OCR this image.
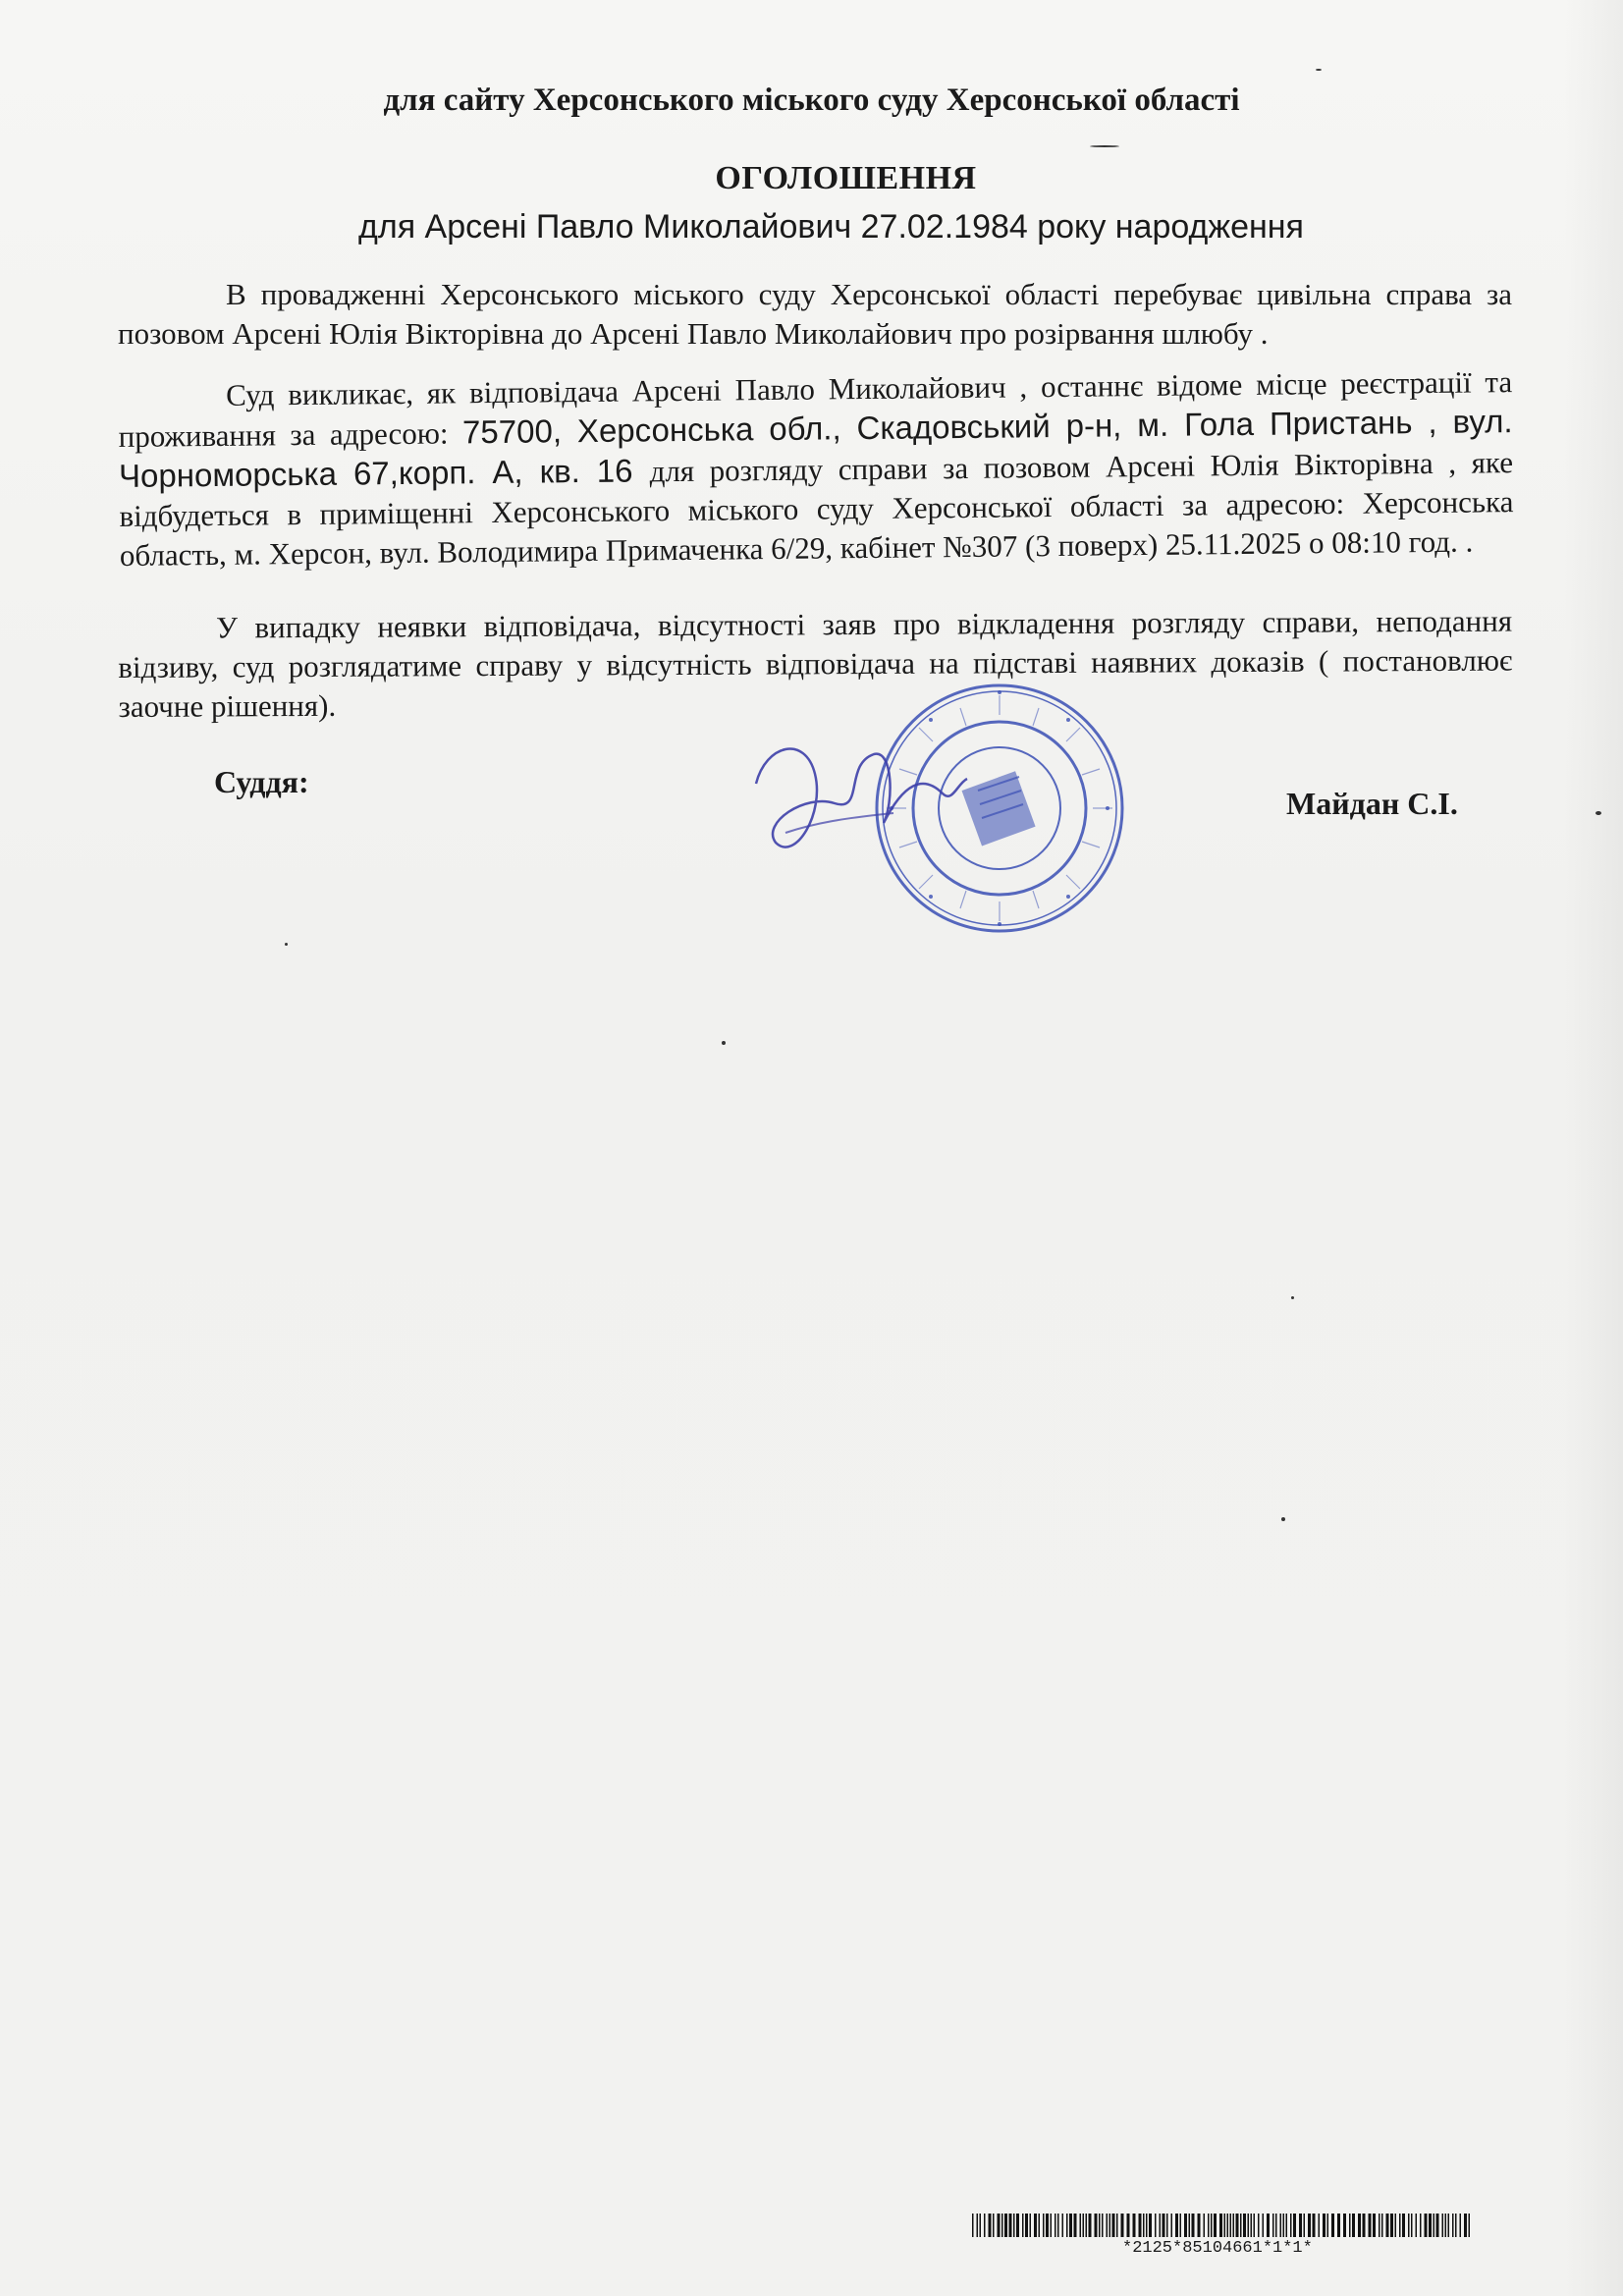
для сайту Херсонського міського суду Херсонської області
ОГОЛОШЕННЯ
для Арсені Павло Миколайович 27.02.1984 року народження
В провадженні Херсонського міського суду Херсонської області перебуває цивільна справа за позовом Арсені Юлія Вікторівна до Арсені Павло Миколайович про розірвання шлюбу .
Суд викликає, як відповідача Арсені Павло Миколайович , останнє відоме місце реєстрації та проживання за адресою: 75700, Херсонська обл., Скадовський р-н, м. Гола Пристань , вул. Чорноморська 67,корп. А, кв. 16 для розгляду справи за позовом Арсені Юлія Вікторівна , яке відбудеться в приміщенні Херсонського міського суду Херсонської області за адресою: Херсонська область, м. Херсон, вул. Володимира Примаченка 6/29, кабінет №307 (3 поверх) 25.11.2025 о 08:10 год. .
У випадку неявки відповідача, відсутності заяв про відкладення розгляду справи, неподання відзиву, суд розглядатиме справу у відсутність відповідача на підставі наявних доказів ( постановлює заочне рішення).
Суддя:
Майдан С.І.
*2125*85104661*1*1*
